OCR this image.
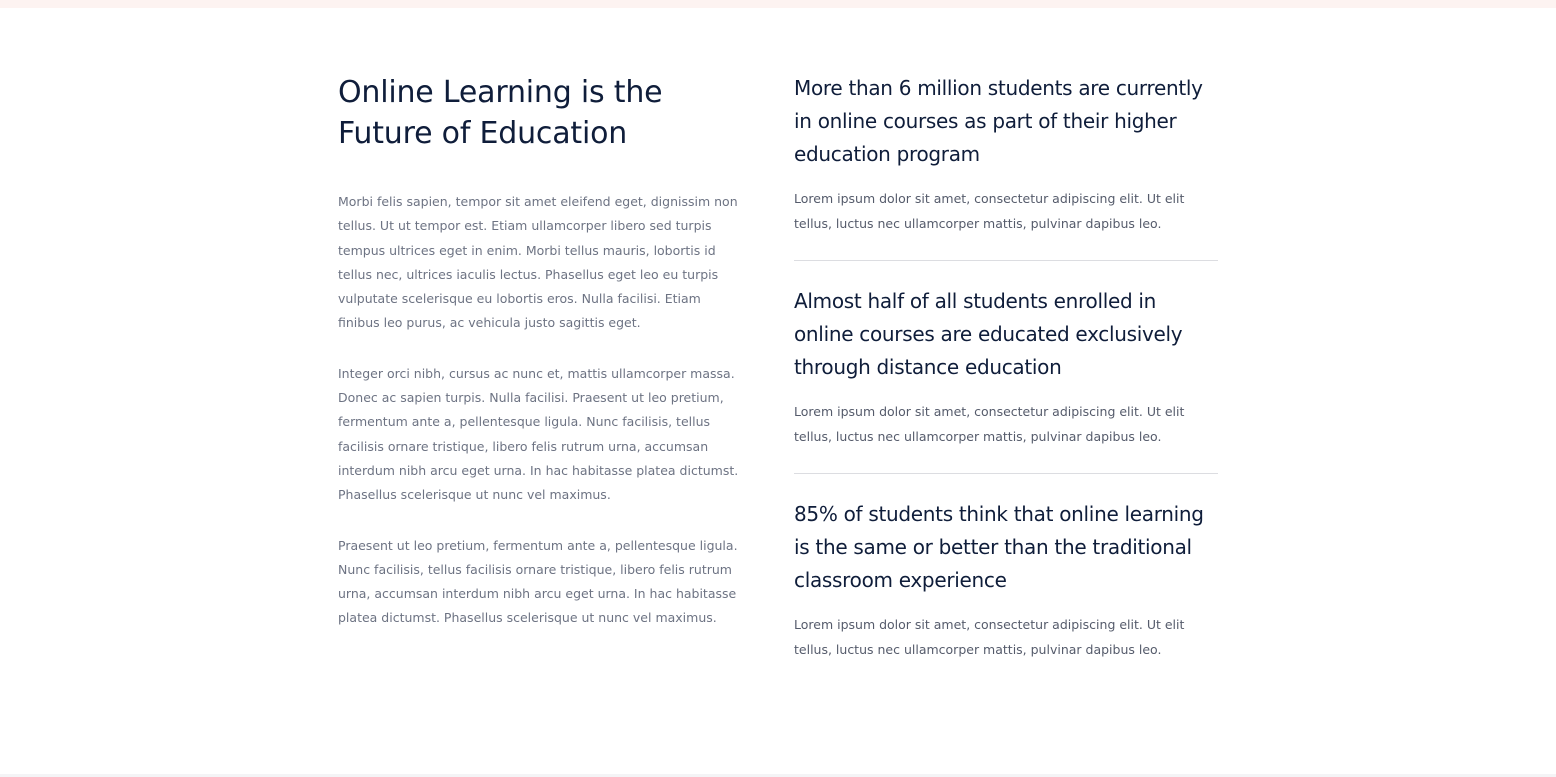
Online Learning is the Future of Education

Morbi felis sapien, tempor sit amet eleifend eget, dignissim non tellus. Ut ut tempor est. Etiam ullamcorper libero sed turpis tempus ultrices eget in enim. Morbi tellus mauris, lobortis id tellus nec, ultrices iaculis lectus. Phasellus eget leo eu turpis vulputate scelerisque eu lobortis eros. Nulla facilisi. Etiam finibus leo purus, ac vehicula justo sagittis eget.

Integer orci nibh, cursus ac nunc et, mattis ullamcorper massa. Donec ac sapien turpis. Nulla facilisi. Praesent ut leo pretium, fermentum ante a, pellentesque ligula. Nunc facilisis, tellus facilisis ornare tristique, libero felis rutrum urna, accumsan interdum nibh arcu eget urna. In hac habitasse platea dictumst. Phasellus scelerisque ut nunc vel maximus.

Praesent ut leo pretium, fermentum ante a, pellentesque ligula. Nunc facilisis, tellus facilisis ornare tristique, libero felis rutrum urna, accumsan interdum nibh arcu eget urna. In hac habitasse platea dictumst. Phasellus scelerisque ut nunc vel maximus.

More than 6 million students are currently in online courses as part of their higher education program

Lorem ipsum dolor sit amet, consectetur adipiscing elit. Ut elit tellus, luctus nec ullamcorper mattis, pulvinar dapibus leo.

Almost half of all students enrolled in online courses are educated exclusively through distance education

Lorem ipsum dolor sit amet, consectetur adipiscing elit. Ut elit tellus, luctus nec ullamcorper mattis, pulvinar dapibus leo.

85% of students think that online learning is the same or better than the traditional classroom experience

Lorem ipsum dolor sit amet, consectetur adipiscing elit. Ut elit tellus, luctus nec ullamcorper mattis, pulvinar dapibus leo.
